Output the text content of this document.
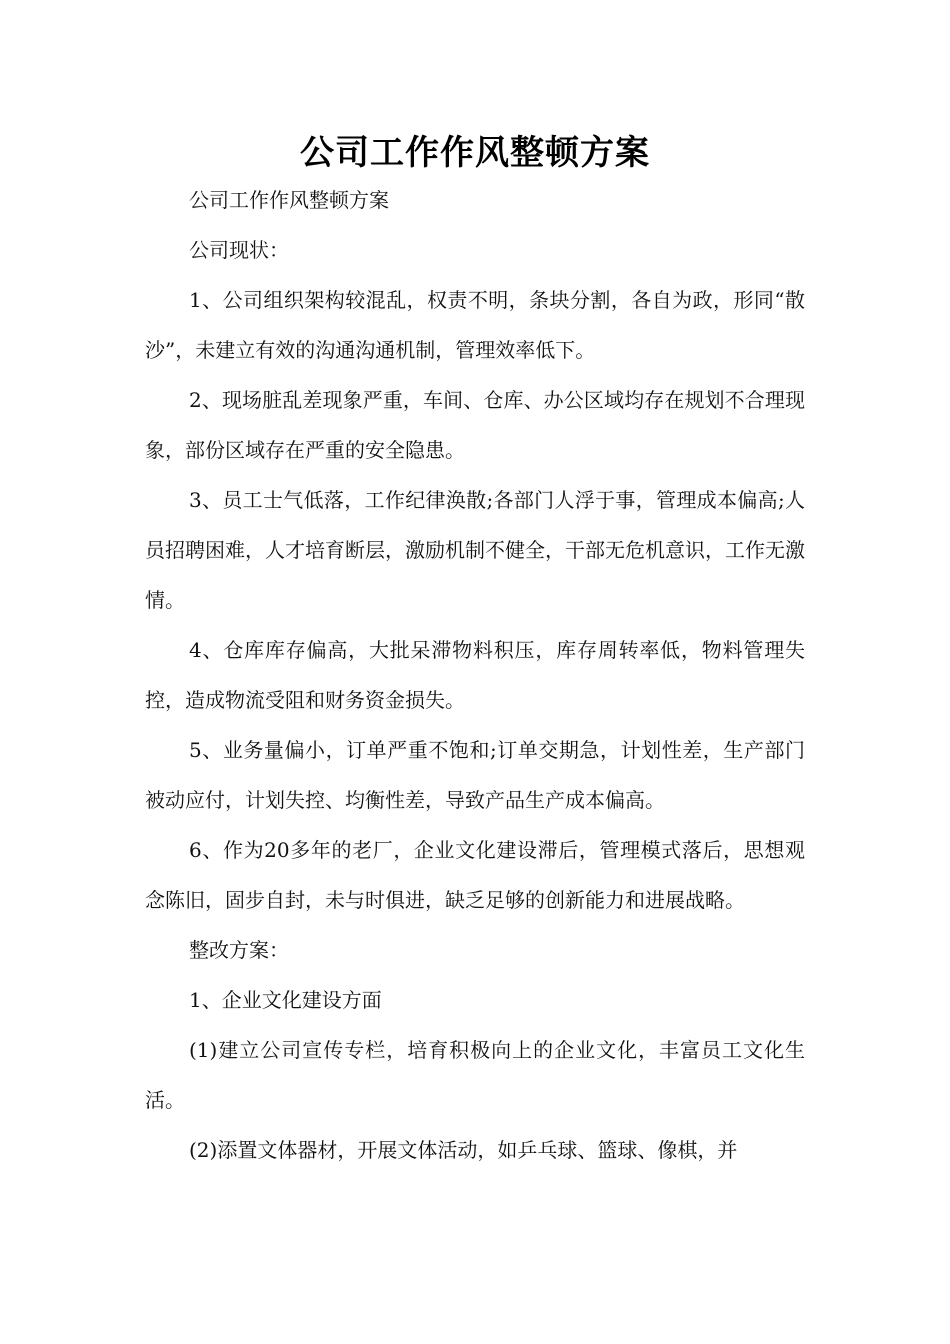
公司工作作风整顿方案

公司工作作风整顿方案

公司现状：

1、公司组织架构较混乱，权责不明，条块分割，各自为政，形同“散沙”，未建立有效的沟通沟通机制，管理效率低下。

2、现场脏乱差现象严重，车间、仓库、办公区域均存在规划不合理现象，部份区域存在严重的安全隐患。

3、员工士气低落，工作纪律涣散;各部门人浮于事，管理成本偏高;人员招聘困难，人才培育断层，激励机制不健全，干部无危机意识，工作无激情。

4、仓库库存偏高，大批呆滞物料积压，库存周转率低，物料管理失控，造成物流受阻和财务资金损失。

5、业务量偏小，订单严重不饱和;订单交期急，计划性差，生产部门被动应付，计划失控、均衡性差，导致产品生产成本偏高。

6、作为20多年的老厂，企业文化建设滞后，管理模式落后，思想观念陈旧，固步自封，未与时俱进，缺乏足够的创新能力和进展战略。

整改方案：

1、企业文化建设方面

(1)建立公司宣传专栏，培育积极向上的企业文化，丰富员工文化生活。

(2)添置文体器材，开展文体活动，如乒乓球、篮球、像棋，并
